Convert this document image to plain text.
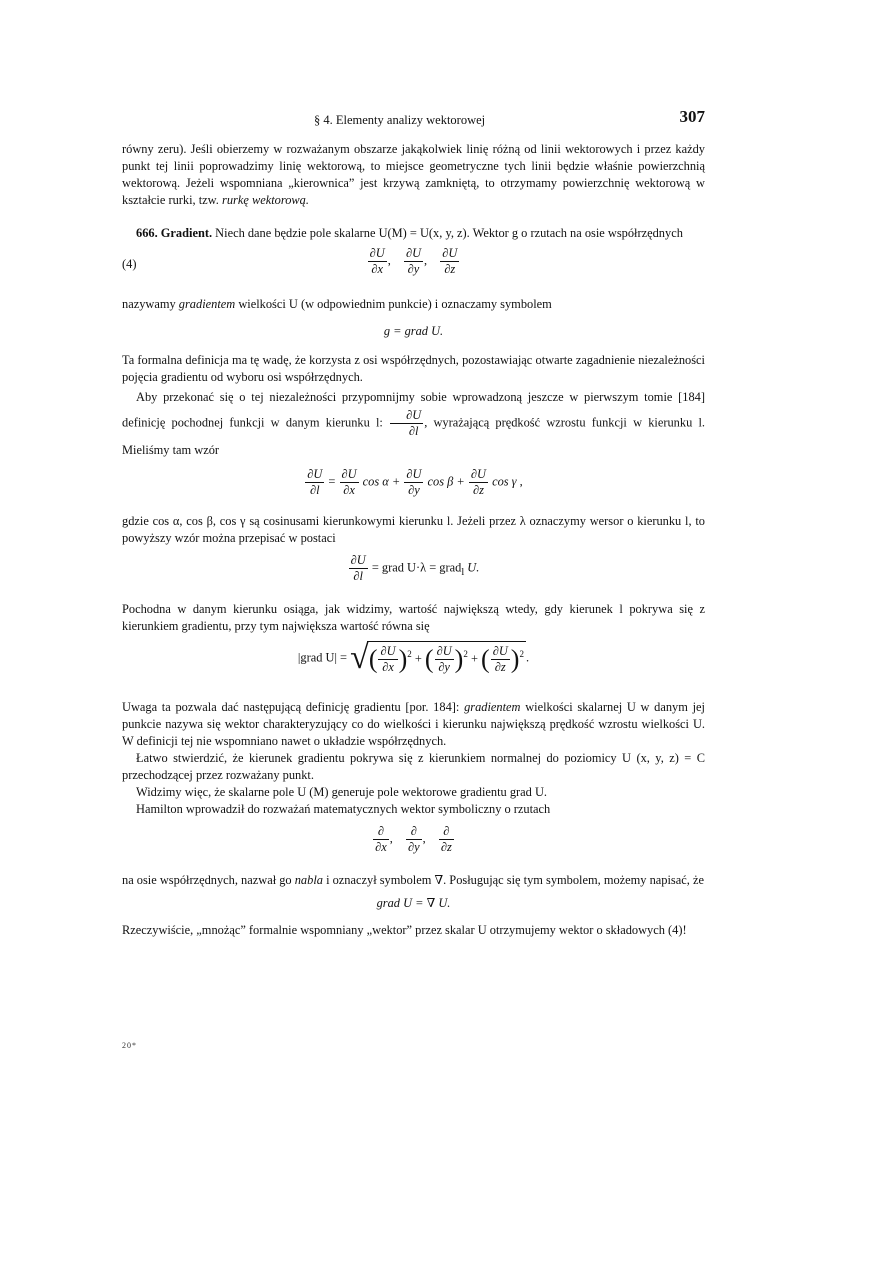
§ 4. Elementy analizy wektorowej	307

równy zeru). Jeśli obierzemy w rozważanym obszarze jakąkolwiek linię różną od linii wektorowych i przez każdy punkt tej linii poprowadzimy linię wektorową, to miejsce geometryczne tych linii będzie właśnie powierzchnią wektorową. Jeżeli wspomniana „kierownica” jest krzywą zamkniętą, to otrzymamy powierzchnię wektorową w kształcie rurki, tzw. rurkę wektorową.

666. Gradient. Niech dane będzie pole skalarne U(M) = U(x, y, z). Wektor g o rzutach na osie współrzędnych

(4)	$\frac{\partial U}{\partial x}$ , $\frac{\partial U}{\partial y}$ , $\frac{\partial U}{\partial z}$

nazywamy gradientem wielkości U (w odpowiednim punkcie) i oznaczamy symbolem

g = grad U.

Ta formalna definicja ma tę wadę, że korzysta z osi współrzędnych, pozostawiając otwarte zagadnienie niezależności pojęcia gradientu od wyboru osi współrzędnych.

Aby przekonać się o tej niezależności przypomnijmy sobie wprowadzoną jeszcze w pierwszym tomie [184] definicję pochodnej funkcji w danym kierunku l: $\frac{\partial U}{\partial l}$ , wyrażającą prędkość wzrostu funkcji w kierunku l. Mieliśmy tam wzór

$\frac{\partial U}{\partial l} = \frac{\partial U}{\partial x}$ $\cos \alpha + \frac{\partial U}{\partial y}$ $\cos \beta + \frac{\partial U}{\partial z}$ cos γ ,

gdzie cos α, cos β, cos γ są cosinusami kierunkowymi kierunku l. Jeżeli przez λ oznaczymy wersor o kierunku l, to powyższy wzór można przepisać w postaci

$\frac{\partial U}{\partial l}$ = grad U·λ = grad$_l$ U.

Pochodna w danym kierunku osiąga, jak widzimy, wartość największą wtedy, gdy kierunek l pokrywa się z kierunkiem gradientu, przy tym największa wartość równa się

|grad U| = √( $\frac{\partial U}{\partial x} )^2$ + ( $\frac{\partial U}{\partial y} )^2$ + ( $\frac{\partial U}{\partial z} )^2$ .

Uwaga ta pozwala dać następującą definicję gradientu [por. 184]: gradientem wielkości skalarnej U w danym jej punkcie nazywa się wektor charakteryzujący co do wielkości i kierunku największą prędkość wzrostu wielkości U. W definicji tej nie wspomniano nawet o układzie współrzędnych.

Łatwo stwierdzić, że kierunek gradientu pokrywa się z kierunkiem normalnej do poziomicy U (x, y, z) = C przechodzącej przez rozważany punkt.

Widzimy więc, że skalarne pole U (M) generuje pole wektorowe gradientu grad U.

Hamilton wprowadził do rozważań matematycznych wektor symboliczny o rzutach

∂
∂x
,
∂
∂y
,
∂
∂z

na osie współrzędnych, nazwał go nabla i oznaczył symbolem ∇. Posługując się tym symbolem, możemy napisać, że

grad U = ∇ U.

Rzeczywiście, „mnożąc” formalnie wspomniany „wektor” przez skalar U otrzymujemy wektor o składowych (4)!

20*
